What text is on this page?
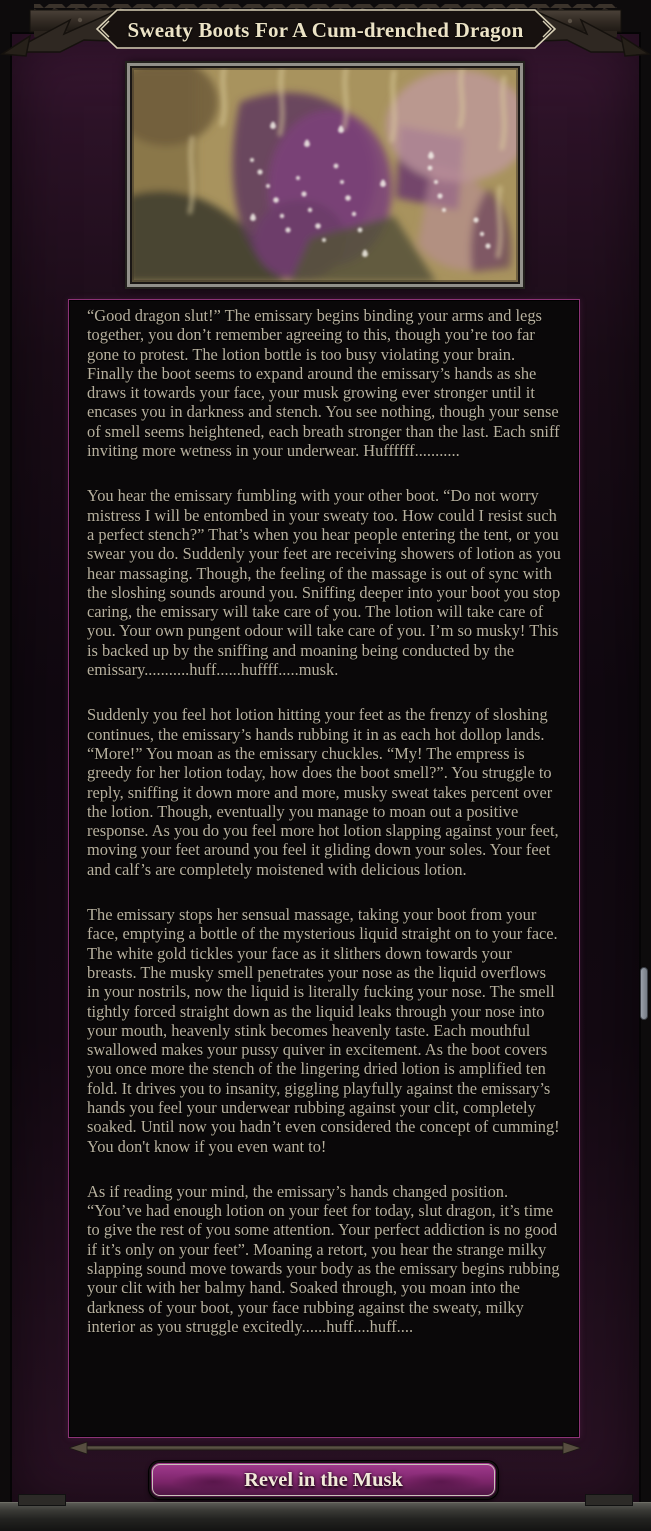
Sweaty Boots For A Cum-drenched Dragon

“Good dragon slut!” The emissary begins binding your arms and legs together, you don’t remember agreeing to this, though you’re too far gone to protest. The lotion bottle is too busy violating your brain. Finally the boot seems to expand around the emissary’s hands as she draws it towards your face, your musk growing ever stronger until it encases you in darkness and stench. You see nothing, though your sense of smell seems heightened, each breath stronger than the last. Each sniff inviting more wetness in your underwear. Huffffff...........

You hear the emissary fumbling with your other boot. “Do not worry mistress I will be entombed in your sweaty too. How could I resist such a perfect stench?” That’s when you hear people entering the tent, or you swear you do. Suddenly your feet are receiving showers of lotion as you hear massaging. Though, the feeling of the massage is out of sync with the sloshing sounds around you. Sniffing deeper into your boot you stop caring, the emissary will take care of you. The lotion will take care of you. Your own pungent odour will take care of you. I’m so musky! This is backed up by the sniffing and moaning being conducted by the emissary...........huff......huffff.....musk.

Suddenly you feel hot lotion hitting your feet as the frenzy of sloshing continues, the emissary’s hands rubbing it in as each hot dollop lands. “More!” You moan as the emissary chuckles. “My! The empress is greedy for her lotion today, how does the boot smell?”. You struggle to reply, sniffing it down more and more, musky sweat takes percent over the lotion. Though, eventually you manage to moan out a positive response. As you do you feel more hot lotion slapping against your feet, moving your feet around you feel it gliding down your soles. Your feet and calf’s are completely moistened with delicious lotion.

The emissary stops her sensual massage, taking your boot from your face, emptying a bottle of the mysterious liquid straight on to your face. The white gold tickles your face as it slithers down towards your breasts. The musky smell penetrates your nose as the liquid overflows in your nostrils, now the liquid is literally fucking your nose. The smell tightly forced straight down as the liquid leaks through your nose into your mouth, heavenly stink becomes heavenly taste. Each mouthful swallowed makes your pussy quiver in excitement. As the boot covers you once more the stench of the lingering dried lotion is amplified ten fold. It drives you to insanity, giggling playfully against the emissary’s hands you feel your underwear rubbing against your clit, completely soaked. Until now you hadn’t even considered the concept of cumming! You don't know if you even want to!

As if reading your mind, the emissary’s hands changed position. “You’ve had enough lotion on your feet for today, slut dragon, it’s time to give the rest of you some attention. Your perfect addiction is no good if it’s only on your feet”. Moaning a retort, you hear the strange milky slapping sound move towards your body as the emissary begins rubbing your clit with her balmy hand. Soaked through, you moan into the darkness of your boot, your face rubbing against the sweaty, milky interior as you struggle excitedly......huff....huff....

Revel in the Musk
